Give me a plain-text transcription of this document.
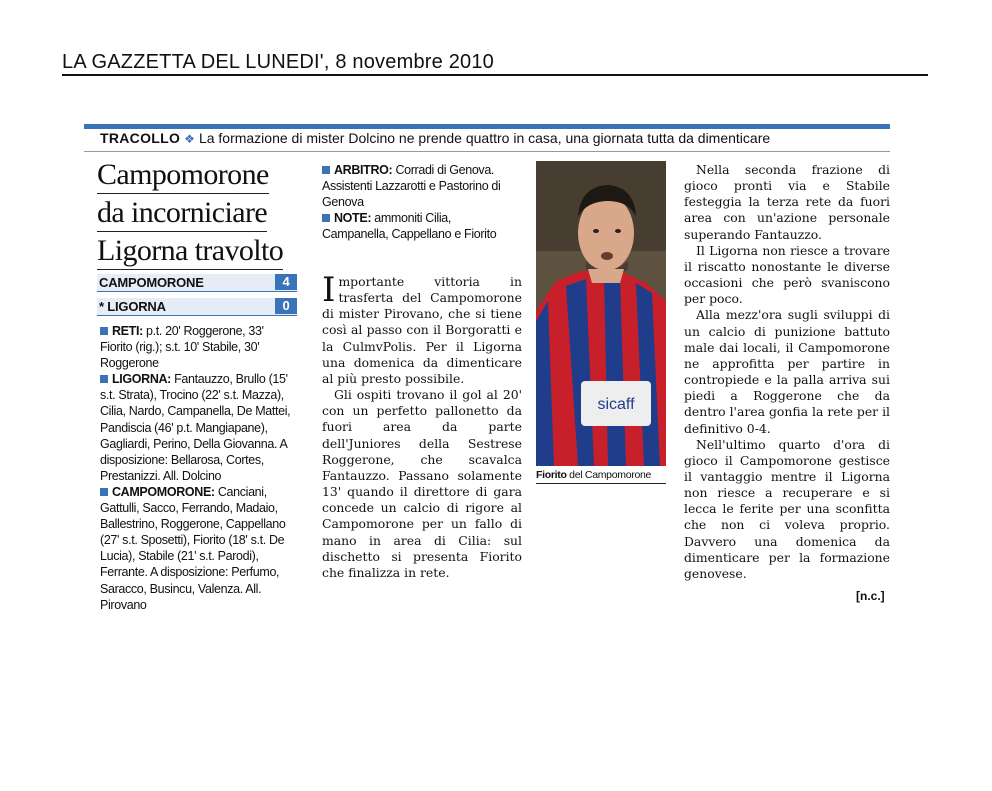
LA GAZZETTA DEL LUNEDI', 8 novembre 2010
TRACOLLO ❖ La formazione di mister Dolcino ne prende quattro in casa, una giornata tutta da dimenticare
Campomorone
da incorniciare
Ligorna travolto
CAMPOMORONE	4
* LIGORNA	0

RETI: p.t. 20' Roggerone, 33' Fiorito (rig.); s.t. 10' Stabile, 30' Roggerone

LIGORNA: Fantauzzo, Brullo (15' s.t. Strata), Trocino (22' s.t. Mazza), Cilia, Nardo, Campanella, De Mattei, Pandiscia (46' p.t. Mangiapane), Gagliardi, Perino, Della Giovanna. A disposizione: Bellarosa, Cortes, Prestanizzi. All. Dolcino

CAMPOMORONE: Canciani, Gattulli, Sacco, Ferrando, Madaio, Ballestrino, Roggerone, Cappellano (27' s.t. Sposetti), Fiorito (18' s.t. De Lucia), Stabile (21' s.t. Parodi), Ferrante. A disposizione: Perfumo, Saracco, Busincu, Valenza. All. Pirovano

ARBITRO: Corradi di Genova. Assistenti Lazzarotti e Pastorino di Genova

NOTE: ammoniti Cilia, Campanella, Cappellano e Fiorito

Importante vittoria in trasferta del Campomorone di mister Pirovano, che si tiene così al passo con il Borgoratti e la CulmvPolis. Per il Ligorna una domenica da dimenticare al più presto possibile.

Gli ospiti trovano il gol al 20' con un perfetto pallonetto da fuori area da parte dell'Juniores della Sestrese Roggerone, che scavalca Fantauzzo. Passano solamente 13' quando il direttore di gara concede un calcio di rigore al Campomorone per un fallo di mano in area di Cilia: sul dischetto si presenta Fiorito che finalizza in rete.

sicaff
Fiorito del Campomorone

Nella seconda frazione di gioco pronti via e Stabile festeggia la terza rete da fuori area con un'azione personale superando Fantauzzo.

Il Ligorna non riesce a trovare il riscatto nonostante le diverse occasioni che però svaniscono per poco.

Alla mezz'ora sugli sviluppi di un calcio di punizione battuto male dai locali, il Campomorone ne approfitta per partire in contropiede e la palla arriva sui piedi a Roggerone che da dentro l'area gonfia la rete per il definitivo 0-4.

Nell'ultimo quarto d'ora di gioco il Campomorone gestisce il vantaggio mentre il Ligorna non riesce a recuperare e si lecca le ferite per una sconfitta che non ci voleva proprio. Davvero una domenica da dimenticare per la formazione genovese.

[n.c.]
